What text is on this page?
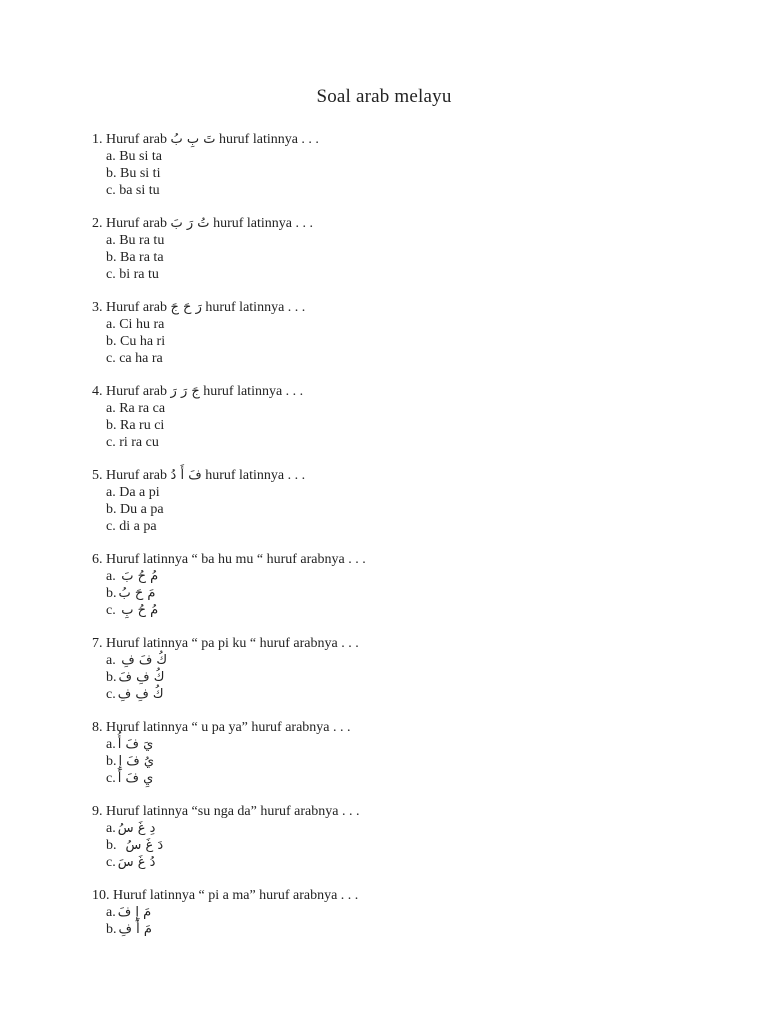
Soal arab melayu
1. Huruf arab تَ بِ بُ huruf latinnya . . .
a. Bu si ta
b. Bu si ti
c. ba si tu
2. Huruf arab تُ رَ بَ huruf latinnya . . .
a. Bu ra tu
b. Ba ra ta
c. bi ra tu
3. Huruf arab رَ حَ جَ huruf latinnya . . .
a. Ci hu ra
b. Cu ha ri
c. ca ha ra
4. Huruf arab جَ رَ رَ huruf latinnya . . .
a. Ra ra ca
b. Ra ru ci
c. ri ra cu
5. Huruf arab فَ أَ دُ huruf latinnya . . .
a. Da a pi
b. Du a pa
c. di a pa
6. Huruf latinnya “ ba hu mu “ huruf arabnya . . .
a. مُ حُ بَ
b. مَ حَ بُ
c. مُ حُ بِ
7. Huruf latinnya “ pa pi ku “ huruf arabnya . . .
a. كُ فَ فِ
b. كُ فِ فَ
c. كُ فِ فِ
8. Huruf latinnya “ u pa ya” huruf arabnya . . .
a. يَ فَ أُ
b. يُ فَ إِ
c. يِ فَ أَ
9. Huruf latinnya “su nga da” huruf arabnya . . .
a. دِ غَ سُ
b. دَ غَ سُ
c. دُ غَ سَ
10. Huruf latinnya “ pi a ma” huruf arabnya . . .
a. مَ إِ فَ
b. مَ أَ فِ
